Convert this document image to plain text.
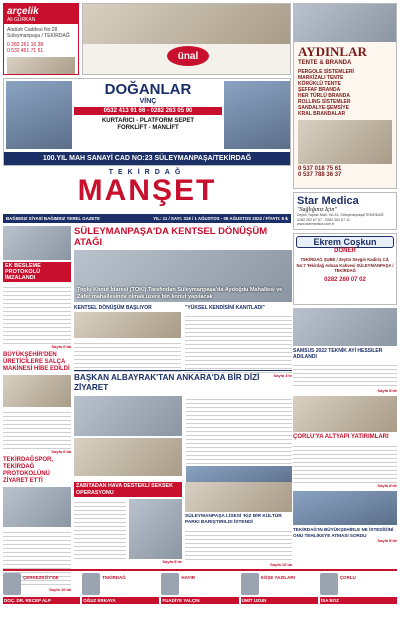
arçelik
Ali GÜRKAN
Atatürk Caddesi No:28
Süleymanpaşa / TEKİRDAĞ
0 282 261 16 38
0 532 461 71 51	ünal	AYDINLAR
TENTE & BRANDA
PERGOLE SİSTEMLERİ
MARKİZALI TENTE
KÖRÜKLÜ TENTE
ŞEFFAF BRANDA
HER TÜRLÜ BRANDA
ROLLING SİSTEMLER
SANDALYE-ŞEMSİYE
KRAL BRANDALAR
0 537 018 75 61
0 537 788 36 37
DOĞANLAR
VİNÇ
0532 413 91 66 - 0282 263 05 90
KURTARICI - PLATFORM SEPET
FORKLİFT - MANLİFT
100.YIL MAH SANAYİ CAD NO:23 SÜLEYMANPAŞA/TEKİRDAĞ
TEKİRDAĞ
MANŞET
BAĞIMSIZ SİYASİ BAĞIMSIZ YEREL GAZETE	YIL: 11 / SAYI: 318 / 1 AĞUSTOS - 08 AĞUSTOS 2022 / FİYATI: 8 ₺
Star Medica
"Sağlığınız İçin"
Zeytin Yaprak Mah. Hü.33. Süleymanpaşa/TEKİRDAĞ
0282 262 67 67 - 0282 262 67 11
www.starmedica.com.tr
EK BESLEME PROTOKOLÜ İMZALANDI
Sayfa 6'da
BÜYÜKŞEHİR'DEN ÜRETİCİLERE SALÇA MAKİNESİ HİBE EDİLDİ
Sayfa 6'da
TEKİRDAĞSPOR, TEKİRDAĞ PROTOKOLÜNÜ ZİYARET ETTİ
Sayfa 10'da
SÜLEYMANPAŞA'DA KENTSEL DÖNÜŞÜM ATAĞI
Toplu Konut İdaresi (TOKİ) Tarafından Süleymanpaşa'da Aydoğdu Mahallesi ve Zafer mahallesinde olmak üzere bin konut yapılacak
KENTSEL DÖNÜŞÜM BAŞLIYOR	"YÜKSEL KENDİSİNİ KANITLADI"
Sayfa 4'te
BAŞKAN ALBAYRAK'TAN ANKARA'DA BİR DİZİ ZİYARET
Ekrem Coşkun
DÖNER
TEKİRDAĞ ŞUBE / Zeytin Sevgin Kadiriş Cd. No:7 Tekirdağ Adnan Kahvesi SÜLEYMANPAŞA / TEKİRDAĞ
0282 260 07 02
SAMSUS 2022 TEKNİK AYİ HESSILER ADILANDI
Sayfa 8'de
ÇORLU'YA ALTYAPI YATIRIMLARI
Sayfa 8'de
TEKİRDAĞ'IN BÜYÜKŞEHİRLE NE İSTEDİĞİNİ ONU TEHLİKEYE ATMASI SORDU
Sayfa 8'de
ZABITADAN HAVA DESTEKLİ SEKSEK OPERASYONU
Sayfa 8'de
SÜLEYMANPAŞA LİSESİ 'KIZ BİR KÜLTÜR PARKI BARIŞTIRILDI İSTENDİ
Sayfa 10'da
ÇERKEZKÖY'DE
DOÇ. DR. RECEP ALP
TEKİRDAĞ
OĞUZ ERKAYA
HAYIR
FUADİYE YALÇIN
KÖŞE YAZILARI
ÜMİT UZUN
ÇORLU
İSA BOZ
